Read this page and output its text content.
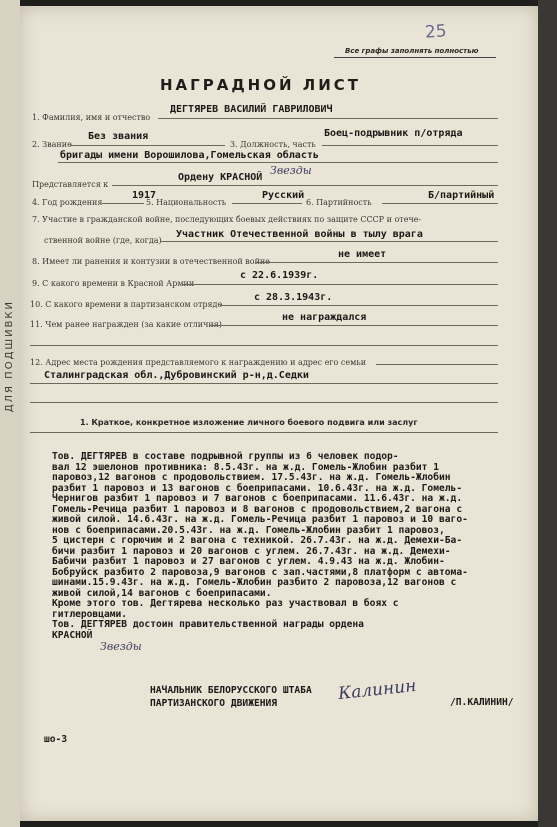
ДЛЯ ПОДШИВКИ
25
Все графы заполнять полностью
НАГРАДНОЙ ЛИСТ
1. Фамилия, имя и отчество
ДЕГТЯРЕВ ВАСИЛИЙ ГАВРИЛОВИЧ
2. Звание
Без звания
3. Должность, часть
Боец-подрывник п/отряда
бригады имени Ворошилова,Гомельская область
Представляется к
Ордену КРАСНОЙ
Звезды
4. Год рождения
1917
5. Национальность
Русский
6. Партийность
Б/партийный
7. Участие в гражданской войне, последующих боевых действиях по защите СССР и отече-
ственной войне (где, когда)
Участник Отечественной войны в тылу врага
8. Имеет ли ранения и контузии в отечественной войне
не имеет
9. С какого времени в Красной Армии
с 22.6.1939г.
10. С какого времени в партизанском отряде
с 28.3.1943г.
11. Чем ранее награжден (за какие отличия)
не награждался
12. Адрес места рождения представляемого к награждению и адрес его семьи
Сталинградская обл.,Дубровинский р-н,д.Седки
1. Краткое, конкретное изложение личного боевого подвига или заслуг
Тов. ДЕГТЯРЕВ в составе подрывной группы из 6 человек подор-
вал 12 эшелонов противника: 8.5.43г. на ж.д. Гомель-Жлобин разбит 1
паровоз,12 вагонов с продовольствием. 17.5.43г. на ж.д. Гомель-Жлобин
разбит 1 паровоз и 13 вагонов с боеприпасами. 10.6.43г. на ж.д. Гомель-
Чернигов разбит 1 паровоз и 7 вагонов с боеприпасами. 11.6.43г. на ж.д.
Гомель-Речица разбит 1 паровоз и 8 вагонов с продовольствием,2 вагона с
живой силой. 14.6.43г. на ж.д. Гомель-Речица разбит 1 паровоз и 10 ваго-
нов с боеприпасами.20.5.43г. на ж.д. Гомель-Жлобин разбит 1 паровоз,
5 цистерн с горючим и 2 вагона с техникой. 26.7.43г. на ж.д. Демехи-Ба-
бичи разбит 1 паровоз и 20 вагонов с углем. 26.7.43г. на ж.д. Демехи-
Бабичи разбит 1 паровоз и 27 вагонов с углем. 4.9.43 на ж.д. Жлобин-
Бобруйск разбито 2 паровоза,9 вагонов с зап.частями,8 платформ с автома-
шинами.15.9.43г. на ж.д. Гомель-Жлобин разбито 2 паровоза,12 вагонов с
живой силой,14 вагонов с боеприпасами.
Кроме этого тов. Дегтярева несколько раз участвовал в боях с
гитлеровцами.
Тов. ДЕГТЯРЕВ достоин правительственной награды ордена
КРАСНОЙ
Звезды
НАЧАЛЬНИК БЕЛОРУССКОГО ШТАБА
ПАРТИЗАНСКОГО ДВИЖЕНИЯ	Калинин	/П.КАЛИНИН/
шо-3
